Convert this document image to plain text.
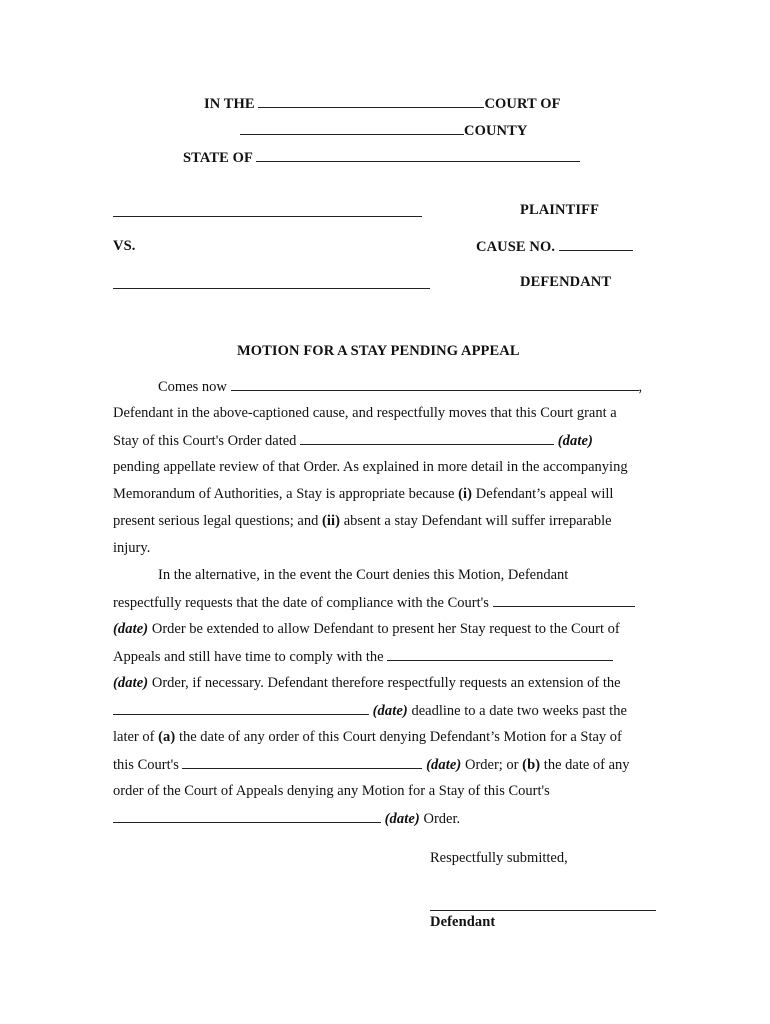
IN THE	COURT OF
COUNTY
STATE OF
PLAINTIFF
VS.	CAUSE NO.
DEFENDANT
MOTION FOR A STAY PENDING APPEAL
Comes now	,
Defendant in the above-captioned cause, and respectfully moves that this Court grant a
Stay of this Court's Order dated	(date)
pending appellate review of that Order. As explained in more detail in the accompanying
Memorandum of Authorities, a Stay is appropriate because (i) Defendant’s appeal will
present serious legal questions; and (ii) absent a stay Defendant will suffer irreparable
injury.
In the alternative, in the event the Court denies this Motion, Defendant
respectfully requests that the date of compliance with the Court's
(date) Order be extended to allow Defendant to present her Stay request to the Court of
Appeals and still have time to comply with the
(date) Order, if necessary. Defendant therefore respectfully requests an extension of the
(date) deadline to a date two weeks past the
later of (a) the date of any order of this Court denying Defendant’s Motion for a Stay of
this Court's	(date) Order; or (b) the date of any
order of the Court of Appeals denying any Motion for a Stay of this Court's
(date) Order.
Respectfully submitted,
Defendant
